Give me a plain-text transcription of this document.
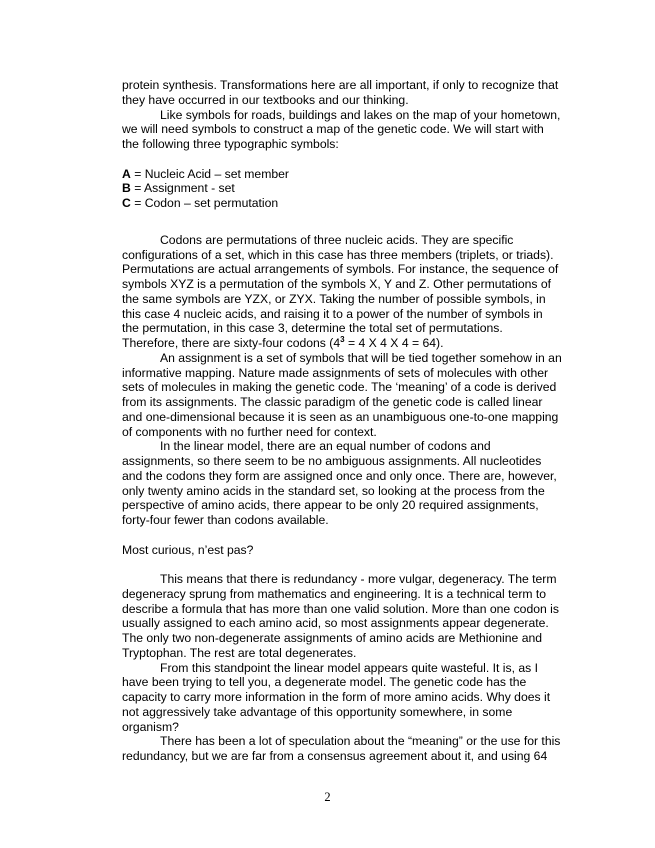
protein synthesis. Transformations here are all important, if only to recognize that they have occurred in our textbooks and our thinking.

Like symbols for roads, buildings and lakes on the map of your hometown, we will need symbols to construct a map of the genetic code. We will start with the following three typographic symbols:

A = Nucleic Acid – set member

B = Assignment - set

C = Codon – set permutation

Codons are permutations of three nucleic acids. They are specific configurations of a set, which in this case has three members (triplets, or triads). Permutations are actual arrangements of symbols. For instance, the sequence of symbols XYZ is a permutation of the symbols X, Y and Z. Other permutations of the same symbols are YZX, or ZYX. Taking the number of possible symbols, in this case 4 nucleic acids, and raising it to a power of the number of symbols in the permutation, in this case 3, determine the total set of permutations. Therefore, there are sixty-four codons ($4^3 = 4$ X 4 X 4 = 64).

An assignment is a set of symbols that will be tied together somehow in an informative mapping. Nature made assignments of sets of molecules with other sets of molecules in making the genetic code. The ‘meaning’ of a code is derived from its assignments. The classic paradigm of the genetic code is called linear and one-dimensional because it is seen as an unambiguous one-to-one mapping of components with no further need for context.

In the linear model, there are an equal number of codons and assignments, so there seem to be no ambiguous assignments. All nucleotides and the codons they form are assigned once and only once. There are, however, only twenty amino acids in the standard set, so looking at the process from the perspective of amino acids, there appear to be only 20 required assignments, forty-four fewer than codons available.

Most curious, n’est pas?

This means that there is redundancy - more vulgar, degeneracy. The term degeneracy sprung from mathematics and engineering. It is a technical term to describe a formula that has more than one valid solution. More than one codon is usually assigned to each amino acid, so most assignments appear degenerate. The only two non-degenerate assignments of amino acids are Methionine and Tryptophan. The rest are total degenerates.

From this standpoint the linear model appears quite wasteful. It is, as I have been trying to tell you, a degenerate model. The genetic code has the capacity to carry more information in the form of more amino acids. Why does it not aggressively take advantage of this opportunity somewhere, in some organism?

There has been a lot of speculation about the “meaning” or the use for this redundancy, but we are far from a consensus agreement about it, and using 64

2
